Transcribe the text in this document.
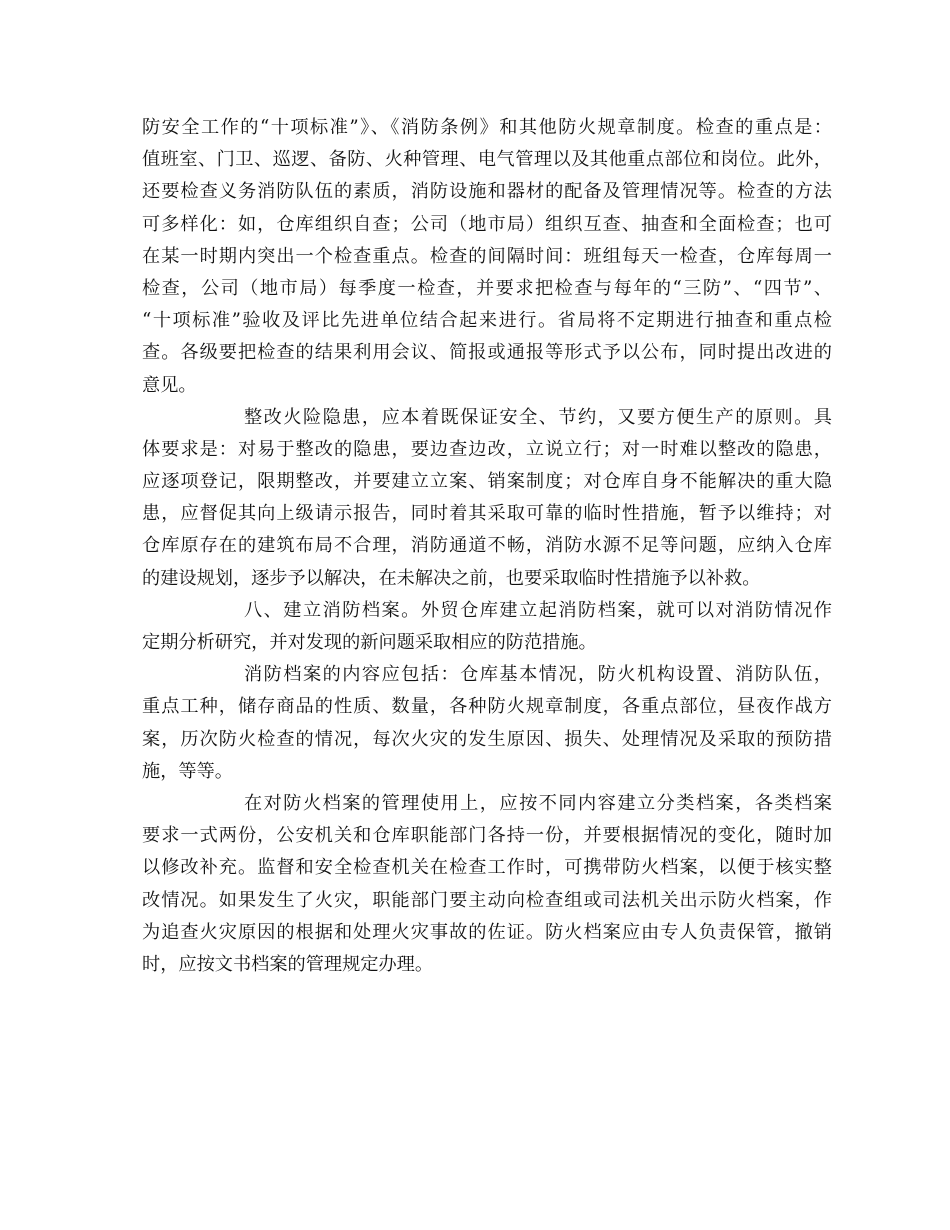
防安全工作的“十项标准”》、《消防条例》和其他防火规章制度。检查的重点是：
值班室、门卫、巡逻、备防、火种管理、电气管理以及其他重点部位和岗位。此外，
还要检查义务消防队伍的素质，消防设施和器材的配备及管理情况等。检查的方法
可多样化：如，仓库组织自查；公司（地市局）组织互查、抽查和全面检查；也可
在某一时期内突出一个检查重点。检查的间隔时间：班组每天一检查，仓库每周一
检查，公司（地市局）每季度一检查，并要求把检查与每年的“三防”、“四节”、
“十项标准”验收及评比先进单位结合起来进行。省局将不定期进行抽查和重点检
查。各级要把检查的结果利用会议、简报或通报等形式予以公布，同时提出改进的
意见。
整改火险隐患，应本着既保证安全、节约，又要方便生产的原则。具
体要求是：对易于整改的隐患，要边查边改，立说立行；对一时难以整改的隐患，
应逐项登记，限期整改，并要建立立案、销案制度；对仓库自身不能解决的重大隐
患，应督促其向上级请示报告，同时着其采取可靠的临时性措施，暂予以维持；对
仓库原存在的建筑布局不合理，消防通道不畅，消防水源不足等问题，应纳入仓库
的建设规划，逐步予以解决，在未解决之前，也要采取临时性措施予以补救。
八、建立消防档案。外贸仓库建立起消防档案，就可以对消防情况作
定期分析研究，并对发现的新问题采取相应的防范措施。
消防档案的内容应包括：仓库基本情况，防火机构设置、消防队伍，
重点工种，储存商品的性质、数量，各种防火规章制度，各重点部位，昼夜作战方
案，历次防火检查的情况，每次火灾的发生原因、损失、处理情况及采取的预防措
施，等等。
在对防火档案的管理使用上，应按不同内容建立分类档案，各类档案
要求一式两份，公安机关和仓库职能部门各持一份，并要根据情况的变化，随时加
以修改补充。监督和安全检查机关在检查工作时，可携带防火档案，以便于核实整
改情况。如果发生了火灾，职能部门要主动向检查组或司法机关出示防火档案，作
为追查火灾原因的根据和处理火灾事故的佐证。防火档案应由专人负责保管，撤销
时，应按文书档案的管理规定办理。
